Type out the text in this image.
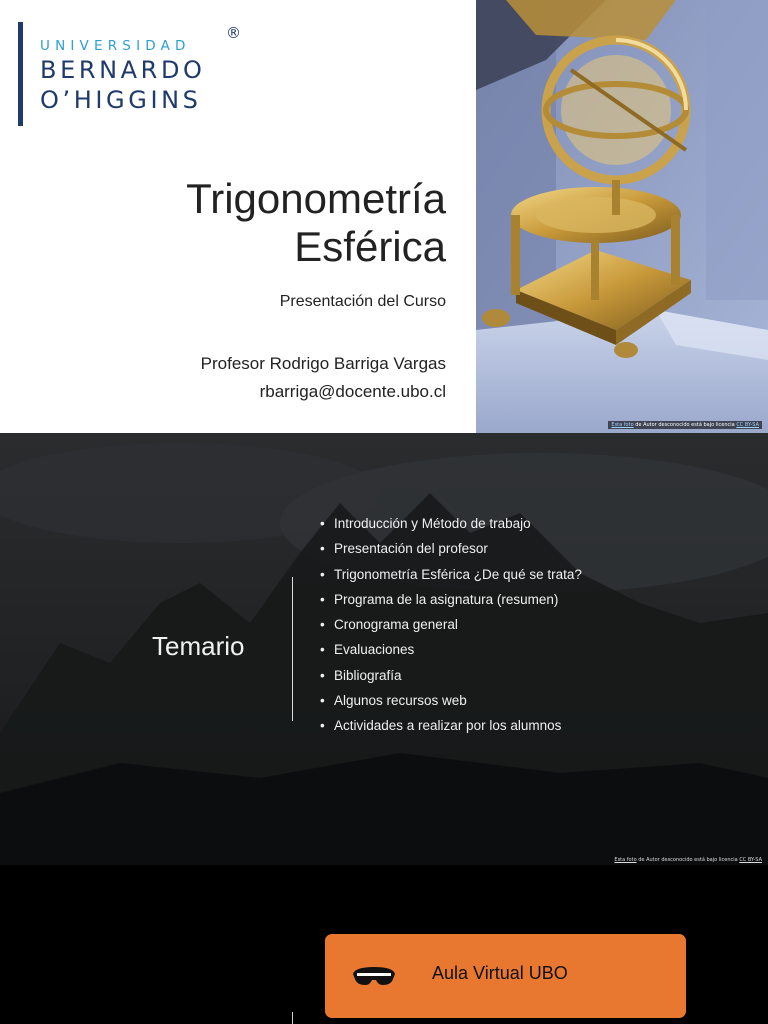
UNIVERSIDAD
®
BERNARDO
O’HIGGINS
Trigonometría
Esférica
Presentación del Curso
Profesor Rodrigo Barriga Vargas
rbarriga@docente.ubo.cl
Esta foto de Autor desconocido está bajo licencia CC BY-SA
Temario
• Introducción y Método de trabajo
• Presentación del profesor
• Trigonometría Esférica ¿De qué se trata?
• Programa de la asignatura (resumen)
• Cronograma general
• Evaluaciones
• Bibliografía
• Algunos recursos web
• Actividades a realizar por los alumnos
Esta foto de Autor desconocido está bajo licencia CC BY-SA
Aula Virtual UBO
